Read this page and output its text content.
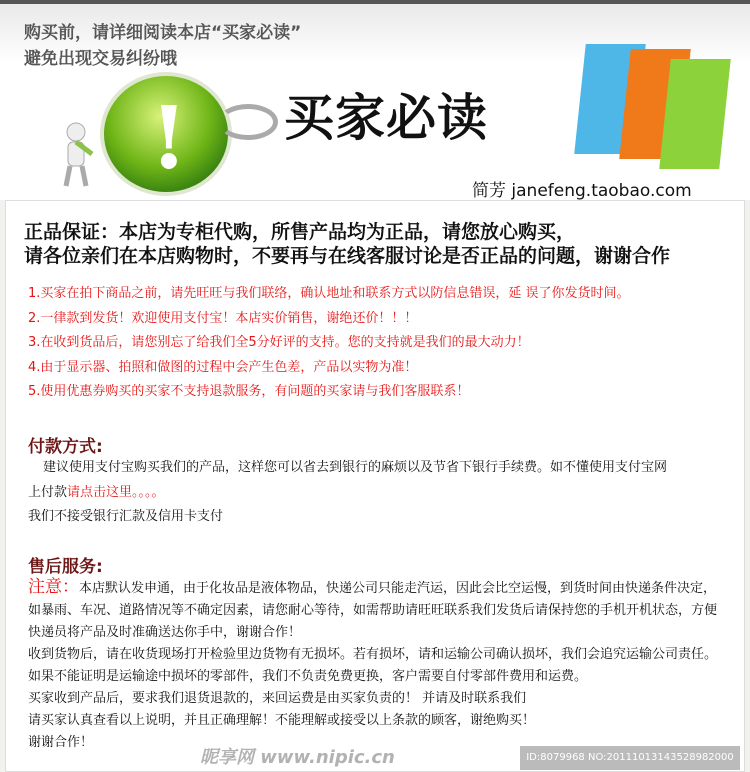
购买前，请详细阅读本店“买家必读”
避免出现交易纠纷哦
! 买家必读
简芳 janefeng.taobao.com
正品保证：本店为专柜代购，所售产品均为正品，请您放心购买，
请各位亲们在本店购物时，不要再与在线客服讨论是否正品的问题，谢谢合作
1.买家在拍下商品之前，请先旺旺与我们联络，确认地址和联系方式以防信息错误，延 误了你发货时间。
2.一律款到发货！欢迎使用支付宝！本店实价销售，谢绝还价！！！
3.在收到货品后，请您别忘了给我们全5分好评的支持。您的支持就是我们的最大动力！
4.由于显示器、拍照和做图的过程中会产生色差，产品以实物为准！
5.使用优惠券购买的买家不支持退款服务，有问题的买家请与我们客服联系！
付款方式:
建议使用支付宝购买我们的产品，这样您可以省去到银行的麻烦以及节省下银行手续费。如不懂使用支付宝网
上付款请点击这里。。。。
我们不接受银行汇款及信用卡支付
售后服务:
注意：本店默认发申通，由于化妆品是液体物品，快递公司只能走汽运，因此会比空运慢，到货时间由快递条件决定，如暴雨、车况、道路情况等不确定因素，请您耐心等待，如需帮助请旺旺联系我们发货后请保持您的手机开机状态，方便快递员将产品及时准确送达你手中，谢谢合作！
收到货物后，请在收货现场打开检验里边货物有无损坏。若有损坏，请和运输公司确认损坏，我们会追究运输公司责任。如果不能证明是运输途中损坏的零部件，我们不负责免费更换，客户需要自付零部件费用和运费。
买家收到产品后，要求我们退货退款的，来回运费是由买家负责的！ 并请及时联系我们
请买家认真查看以上说明，并且正确理解！不能理解或接受以上条款的顾客，谢绝购买！
谢谢合作！
昵享网 www.nipic.cn	ID:8079968 NO:20111013143528982000
